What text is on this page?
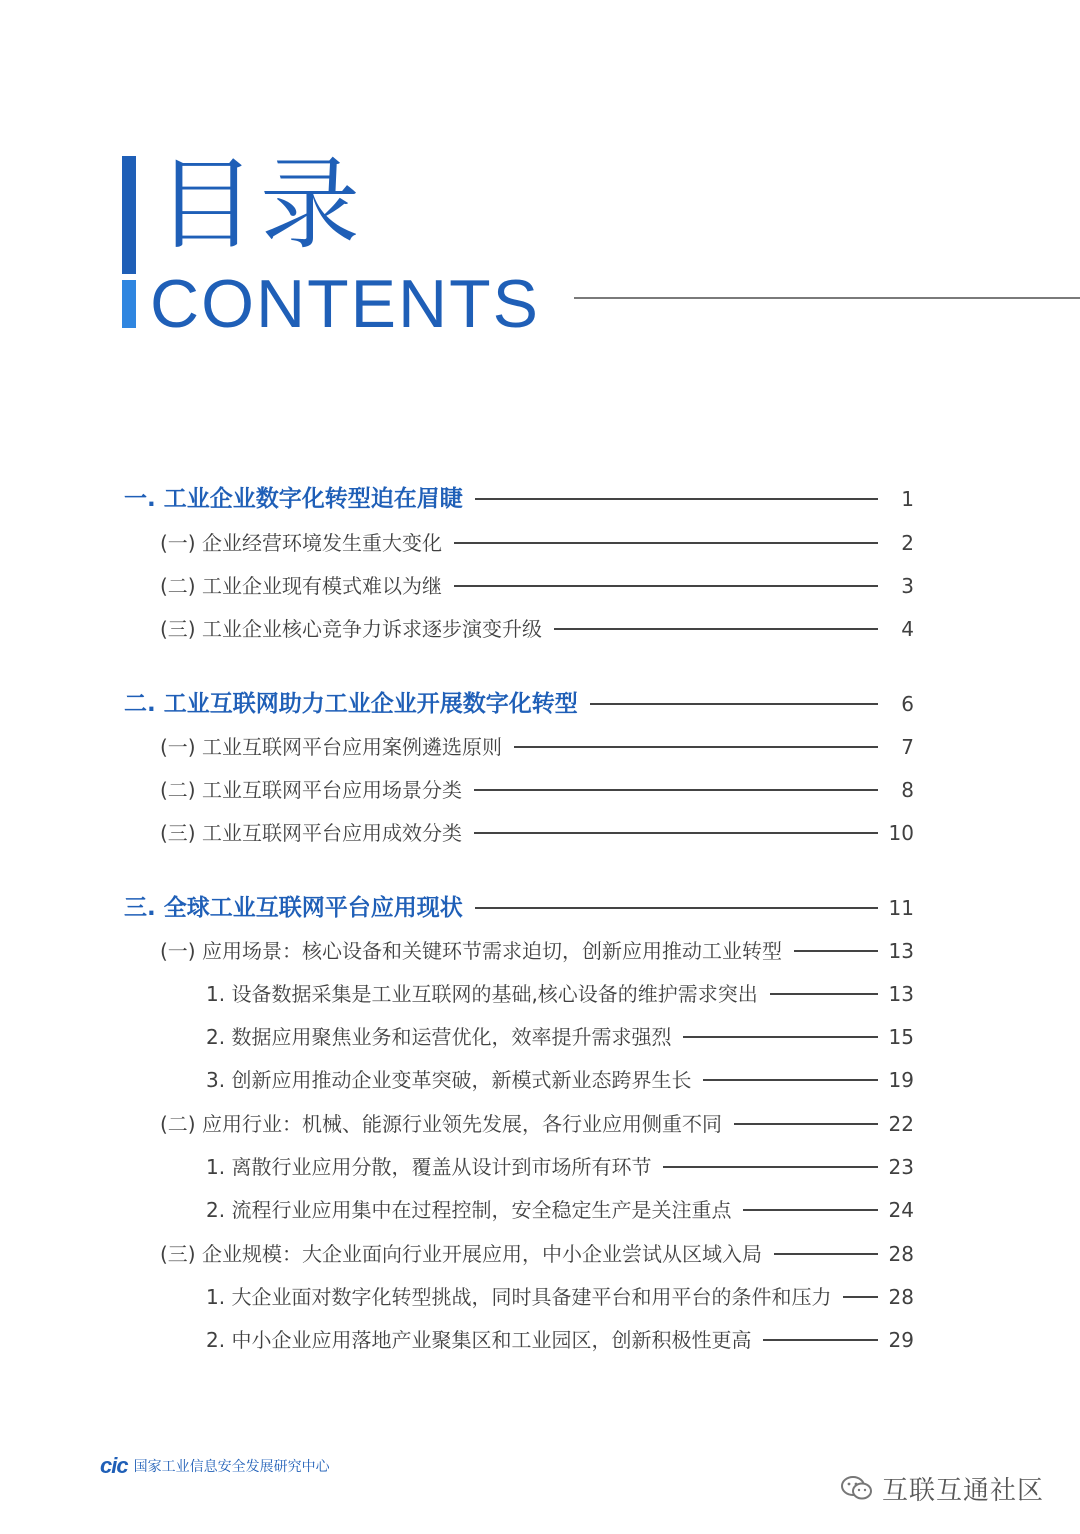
目录
CONTENTS
一. 工业企业数字化转型迫在眉睫	1
(一) 企业经营环境发生重大变化	2
(二) 工业企业现有模式难以为继	3
(三) 工业企业核心竞争力诉求逐步演变升级	4
二. 工业互联网助力工业企业开展数字化转型	6
(一) 工业互联网平台应用案例遴选原则	7
(二) 工业互联网平台应用场景分类	8
(三) 工业互联网平台应用成效分类	10
三. 全球工业互联网平台应用现状	11
(一) 应用场景：核心设备和关键环节需求迫切，创新应用推动工业转型	13
1. 设备数据采集是工业互联网的基础,核心设备的维护需求突出	13
2. 数据应用聚焦业务和运营优化，效率提升需求强烈	15
3. 创新应用推动企业变革突破，新模式新业态跨界生长	19
(二) 应用行业：机械、能源行业领先发展，各行业应用侧重不同	22
1. 离散行业应用分散，覆盖从设计到市场所有环节	23
2. 流程行业应用集中在过程控制，安全稳定生产是关注重点	24
(三) 企业规模：大企业面向行业开展应用，中小企业尝试从区域入局	28
1. 大企业面对数字化转型挑战，同时具备建平台和用平台的条件和压力	28
2. 中小企业应用落地产业聚集区和工业园区，创新积极性更高	29
cic 国家工业信息安全发展研究中心
互联互通社区
